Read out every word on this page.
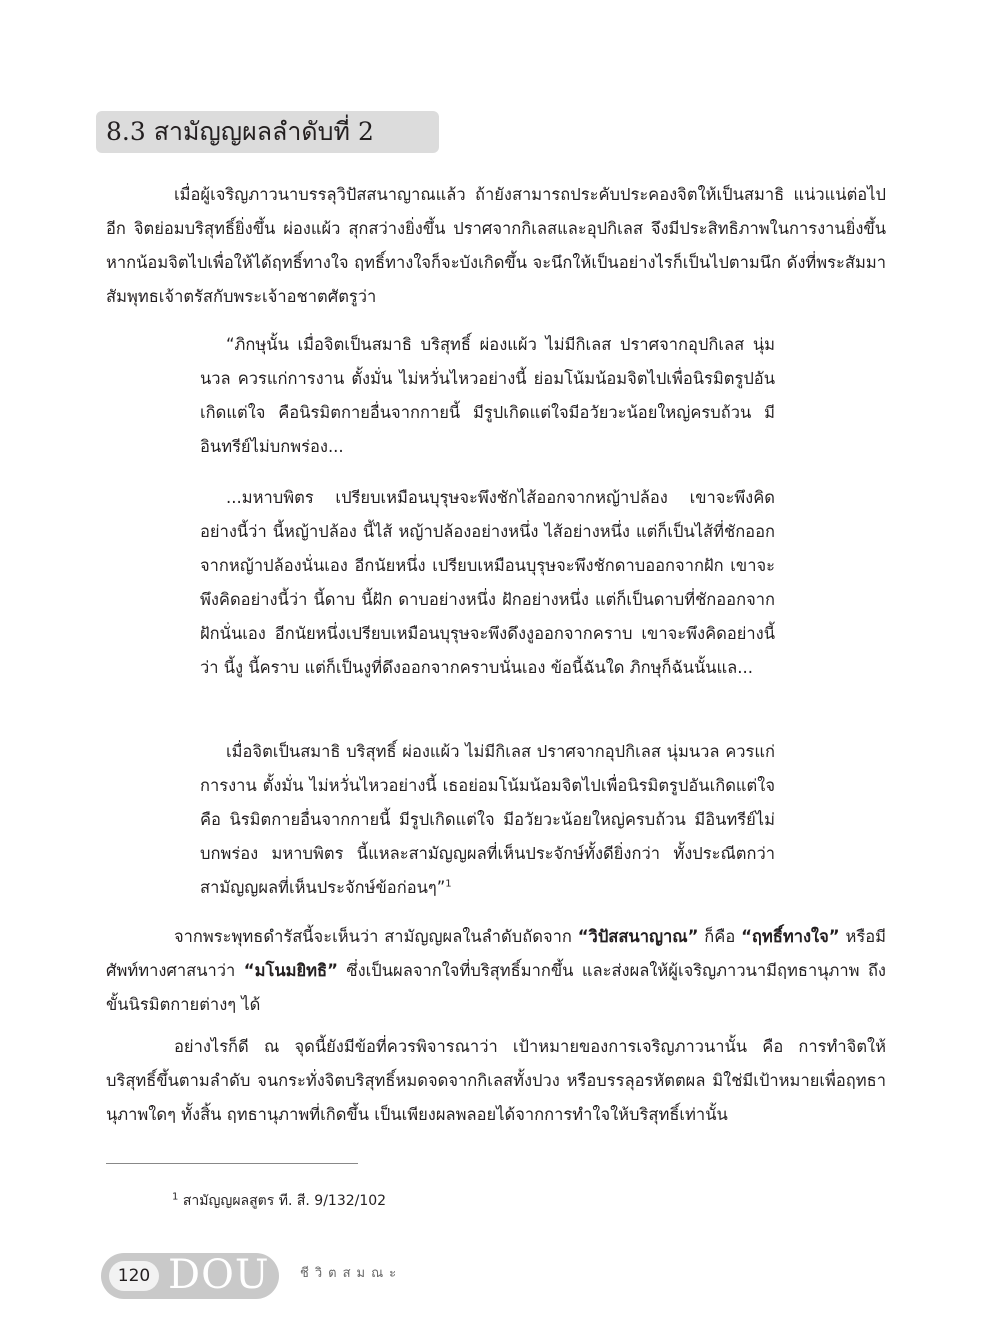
8.3 สามัญญผลลำดับที่ 2

เมื่อผู้เจริญภาวนาบรรลุวิปัสสนาญาณแล้ว ถ้ายังสามารถประคับประคองจิตให้เป็นสมาธิ แน่วแน่ต่อไปอีก จิตย่อมบริสุทธิ์ยิ่งขึ้น ผ่องแผ้ว สุกสว่างยิ่งขึ้น ปราศจากกิเลสและอุปกิเลส จึงมีประสิทธิภาพในการงานยิ่งขึ้น หากน้อมจิตไปเพื่อให้ได้ฤทธิ์ทางใจ ฤทธิ์ทางใจก็จะบังเกิดขึ้น จะนึกให้เป็นอย่างไรก็เป็นไปตามนึก ดังที่พระสัมมาสัมพุทธเจ้าตรัสกับพระเจ้าอชาตศัตรูว่า

“ภิกษุนั้น เมื่อจิตเป็นสมาธิ บริสุทธิ์ ผ่องแผ้ว ไม่มีกิเลส ปราศจากอุปกิเลส นุ่มนวล ควรแก่การงาน ตั้งมั่น ไม่หวั่นไหวอย่างนี้ ย่อมโน้มน้อมจิตไปเพื่อนิรมิตรูปอันเกิดแต่ใจ คือนิรมิตกายอื่นจากกายนี้ มีรูปเกิดแต่ใจมีอวัยวะน้อยใหญ่ครบถ้วน มีอินทรีย์ไม่บกพร่อง...

...มหาบพิตร เปรียบเหมือนบุรุษจะพึงชักไส้ออกจากหญ้าปล้อง เขาจะพึงคิดอย่างนี้ว่า นี้หญ้าปล้อง นี้ไส้ หญ้าปล้องอย่างหนึ่ง ไส้อย่างหนึ่ง แต่ก็เป็นไส้ที่ชักออกจากหญ้าปล้องนั่นเอง อีกนัยหนึ่ง เปรียบเหมือนบุรุษจะพึงชักดาบออกจากฝัก เขาจะพึงคิดอย่างนี้ว่า นี้ดาบ นี้ฝัก ดาบอย่างหนึ่ง ฝักอย่างหนึ่ง แต่ก็เป็นดาบที่ชักออกจากฝักนั่นเอง อีกนัยหนึ่งเปรียบเหมือนบุรุษจะพึงดึงงูออกจากคราบ เขาจะพึงคิดอย่างนี้ว่า นี้งู นี้คราบ แต่ก็เป็นงูที่ดึงออกจากคราบนั่นเอง ข้อนี้ฉันใด ภิกษุก็ฉันนั้นแล...

เมื่อจิตเป็นสมาธิ บริสุทธิ์ ผ่องแผ้ว ไม่มีกิเลส ปราศจากอุปกิเลส นุ่มนวล ควรแก่การงาน ตั้งมั่น ไม่หวั่นไหวอย่างนี้ เธอย่อมโน้มน้อมจิตไปเพื่อนิรมิตรูปอันเกิดแต่ใจ คือ นิรมิตกายอื่นจากกายนี้ มีรูปเกิดแต่ใจ มีอวัยวะน้อยใหญ่ครบถ้วน มีอินทรีย์ไม่บกพร่อง มหาบพิตร นี้แหละสามัญญผลที่เห็นประจักษ์ทั้งดียิ่งกว่า ทั้งประณีตกว่าสามัญญผลที่เห็นประจักษ์ข้อก่อนๆ”$^1$

จากพระพุทธดำรัสนี้จะเห็นว่า สามัญญผลในลำดับถัดจาก “วิปัสสนาญาณ” ก็คือ “ฤทธิ์ทางใจ” หรือมีศัพท์ทางศาสนาว่า “มโนมยิทธิ” ซึ่งเป็นผลจากใจที่บริสุทธิ์มากขึ้น และส่งผลให้ผู้เจริญภาวนามีฤทธานุภาพ ถึงขั้นนิรมิตกายต่างๆ ได้

อย่างไรก็ดี ณ จุดนี้ยังมีข้อที่ควรพิจารณาว่า เป้าหมายของการเจริญภาวนานั้น คือ การทำจิตให้บริสุทธิ์ขึ้นตามลำดับ จนกระทั่งจิตบริสุทธิ์หมดจดจากกิเลสทั้งปวง หรือบรรลุอรหัตตผล มิใช่มีเป้าหมายเพื่อฤทธานุภาพใดๆ ทั้งสิ้น ฤทธานุภาพที่เกิดขึ้น เป็นเพียงผลพลอยได้จากการทำใจให้บริสุทธิ์เท่านั้น

$^1$ สามัญญผลสูตร ที. สี. 9/132/102

120 DOU ชีวิตสมณะ
